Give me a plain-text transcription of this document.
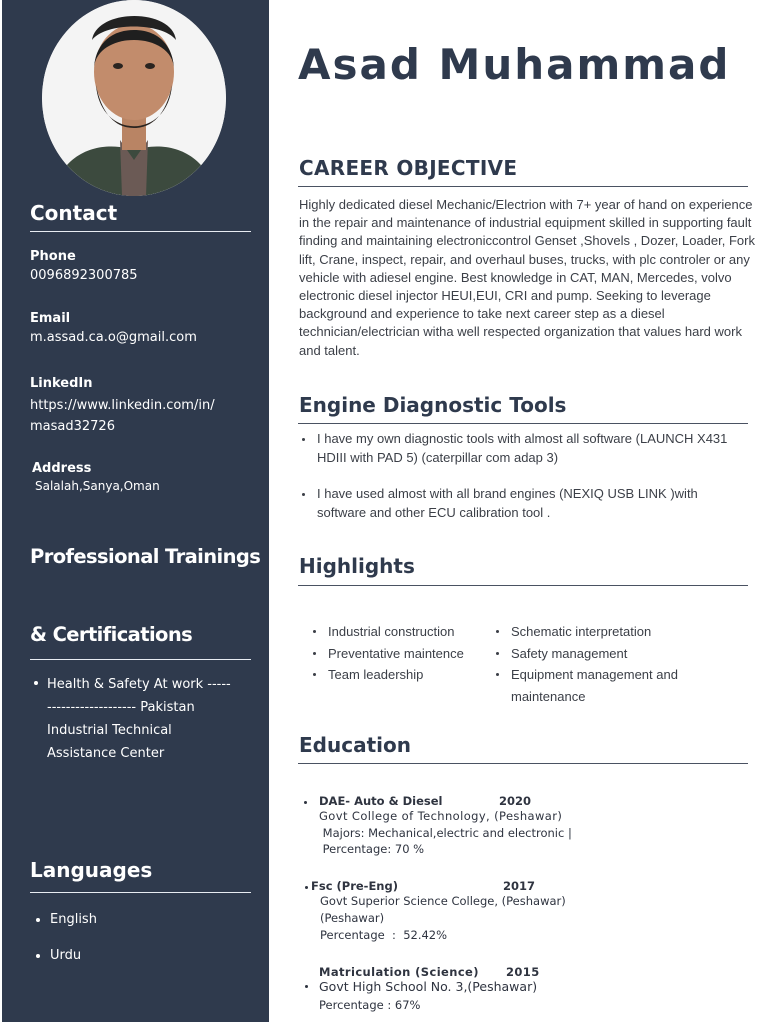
Contact
Phone
0096892300785
Email
m.assad.ca.o@gmail.com
LinkedIn
https://www.linkedin.com/in/
masad32726
Address
Salalah,Sanya,Oman
Professional Trainings
& Certifications
Health & Safety At work -----
------------------- Pakistan
Industrial Technical
Assistance Center
Languages
English
Urdu
Asad Muhammad
CAREER OBJECTIVE
Highly dedicated diesel Mechanic/Electrion with 7+ year of hand on experience in the repair and maintenance of industrial equipment skilled in supporting fault finding and maintaining electroniccontrol Genset ,Shovels , Dozer, Loader, Fork lift, Crane, inspect, repair, and overhaul buses, trucks, with plc controler or any vehicle with adiesel engine. Best knowledge in CAT, MAN, Mercedes, volvo electronic diesel injector HEUI,EUI, CRI and pump. Seeking to leverage background and experience to take next career step as a diesel technician/electrician witha well respected organization that values hard work and talent.
Engine Diagnostic Tools
I have my own diagnostic tools with almost all software (LAUNCH X431 HDIII with PAD 5) (caterpillar com adap 3)
I have used almost with all brand engines (NEXIQ USB LINK )with software and other ECU calibration tool .
Highlights
Industrial construction
Preventative maintence
Team leadership
Schematic interpretation
Safety management
Equipment management and maintenance
Education
DAE- Auto & Diesel	2020
Govt College of Technology, (Peshawar)
Majors: Mechanical,electric and electronic |
Percentage: 70 %
Fsc (Pre-Eng)	2017
Govt Superior Science College, (Peshawar)
(Peshawar)
Percentage  :  52.42%
Matriculation (Science) 2015
Govt High School No. 3,(Peshawar)
Percentage : 67%
